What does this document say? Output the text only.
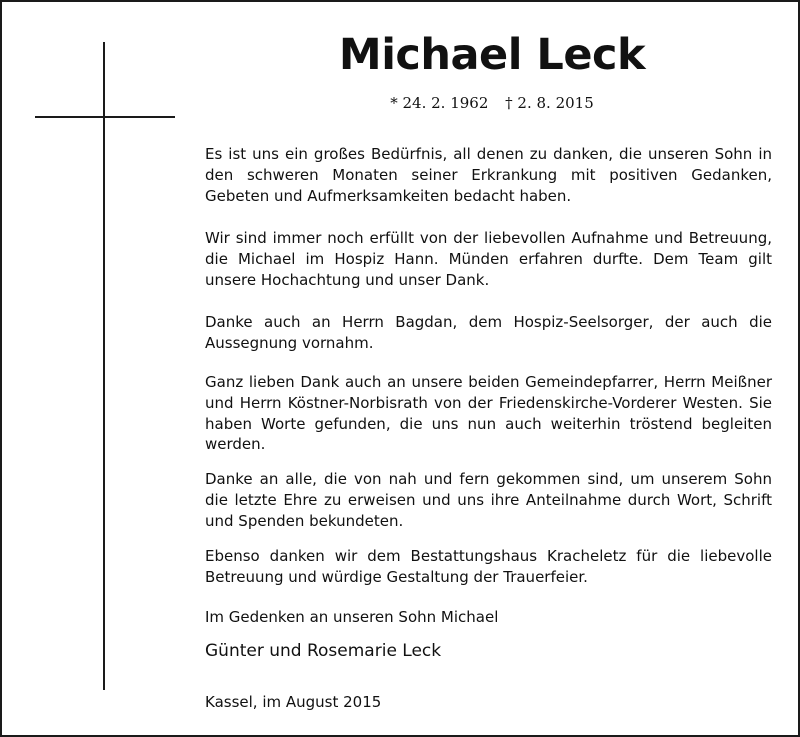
Michael Leck
* 24. 2. 1962 † 2. 8. 2015

Es ist uns ein großes Bedürfnis, all denen zu danken, die unseren Sohn in den schweren Monaten seiner Erkrankung mit positiven Gedanken, Gebeten und Aufmerksamkeiten bedacht haben.

Wir sind immer noch erfüllt von der liebevollen Aufnahme und Betreuung, die Michael im Hospiz Hann. Münden erfahren durfte. Dem Team gilt unsere Hochachtung und unser Dank.

Danke auch an Herrn Bagdan, dem Hospiz-Seelsorger, der auch die Aussegnung vornahm.

Ganz lieben Dank auch an unsere beiden Gemeindepfarrer, Herrn Meißner und Herrn Köstner-Norbisrath von der Friedenskirche-Vorderer Westen. Sie haben Worte gefunden, die uns nun auch weiterhin tröstend begleiten werden.

Danke an alle, die von nah und fern gekommen sind, um unserem Sohn die letzte Ehre zu erweisen und uns ihre Anteilnahme durch Wort, Schrift und Spenden bekundeten.

Ebenso danken wir dem Bestattungshaus Kracheletz für die liebevolle Betreuung und würdige Gestaltung der Trauerfeier.

Im Gedenken an unseren Sohn Michael
Günter und Rosemarie Leck
Kassel, im August 2015
